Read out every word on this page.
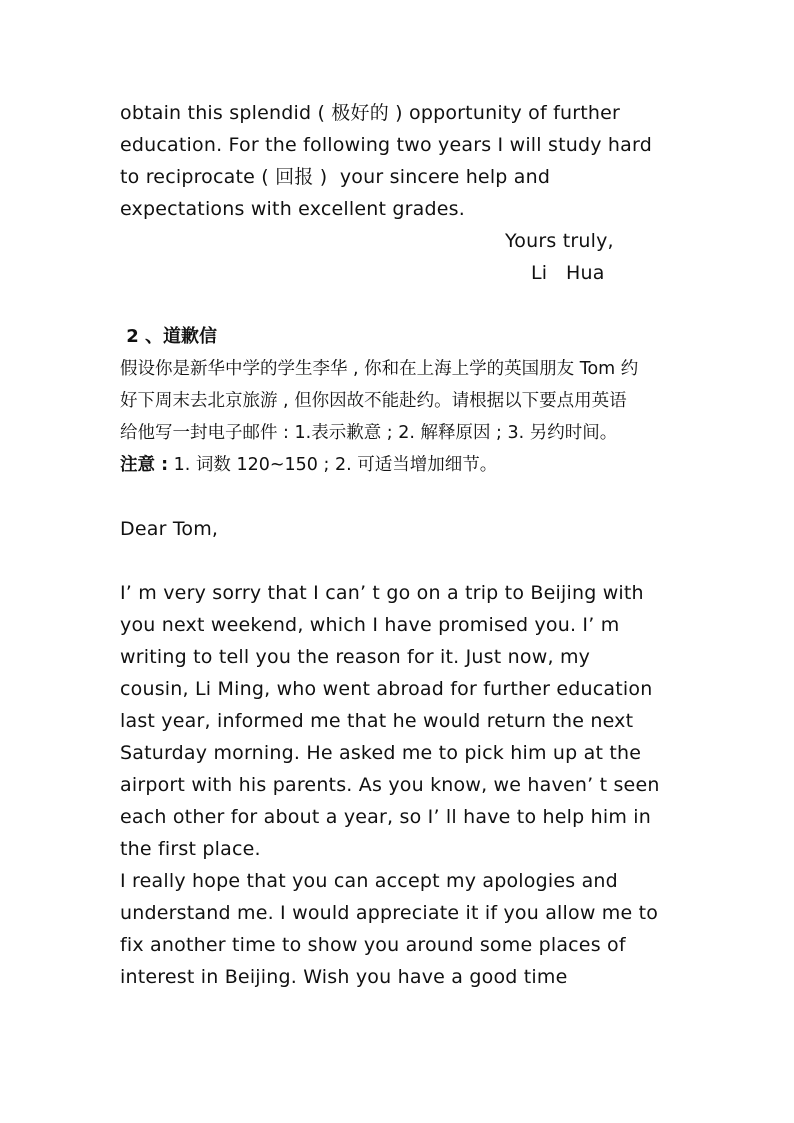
obtain this splendid ( 极好的 ) opportunity of further
education. For the following two years I will study hard
to reciprocate ( 回报 )  your sincere help and
expectations with excellent grades.
Yours truly,
Li   Hua
2 、道歉信
假设你是新华中学的学生李华 , 你和在上海上学的英国朋友 Tom 约
好下周末去北京旅游 , 但你因故不能赴约。请根据以下要点用英语
给他写一封电子邮件 : 1.表示歉意 ; 2. 解释原因 ; 3. 另约时间。
注意 : 1. 词数 120~150 ; 2. 可适当增加细节。
Dear Tom,
I’ m very sorry that I can’ t go on a trip to Beijing with
you next weekend, which I have promised you. I’ m
writing to tell you the reason for it. Just now, my
cousin, Li Ming, who went abroad for further education
last year, informed me that he would return the next
Saturday morning. He asked me to pick him up at the
airport with his parents. As you know, we haven’ t seen
each other for about a year, so I’ ll have to help him in
the first place.
I really hope that you can accept my apologies and
understand me. I would appreciate it if you allow me to
fix another time to show you around some places of
interest in Beijing. Wish you have a good time
